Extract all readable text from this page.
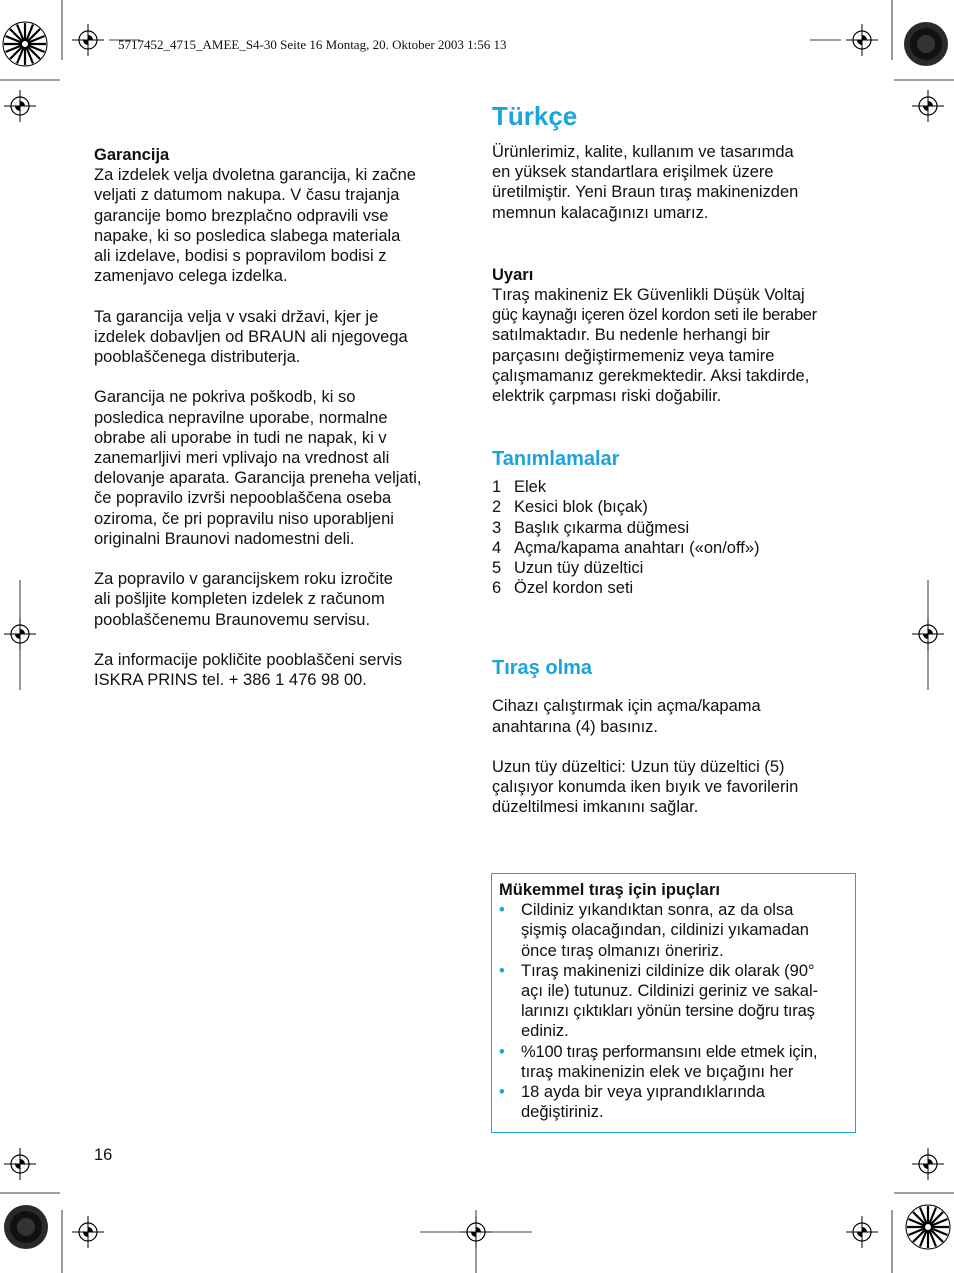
5717452_4715_AMEE_S4-30 Seite 16 Montag, 20. Oktober 2003 1:56 13

Garancija

Za izdelek velja dvoletna garancija, ki začne

veljati z datumom nakupa. V času trajanja

garancije bomo brezplačno odpravili vse

napake, ki so posledica slabega materiala

ali izdelave, bodisi s popravilom bodisi z

zamenjavo celega izdelka.

Ta garancija velja v vsaki državi, kjer je

izdelek dobavljen od BRAUN ali njegovega

pooblaščenega distributerja.

Garancija ne pokriva poškodb, ki so

posledica nepravilne uporabe, normalne

obrabe ali uporabe in tudi ne napak, ki v

zanemarljivi meri vplivajo na vrednost ali

delovanje aparata. Garancija preneha veljati,

če popravilo izvrši nepooblaščena oseba

oziroma, če pri popravilu niso uporabljeni

originalni Braunovi nadomestni deli.

Za popravilo v garancijskem roku izročite

ali pošljite kompleten izdelek z računom

pooblaščenemu Braunovemu servisu.

Za informacije pokličite pooblaščeni servis

ISKRA PRINS tel. + 386 1 476 98 00.

Türkçe

Ürünlerimiz, kalite, kullanım ve tasarımda

en yüksek standartlara erişilmek üzere

üretilmiştir. Yeni Braun tıraş makinenizden

memnun kalacağınızı umarız.

Uyarı

Tıraş makineniz Ek Güvenlikli Düşük Voltaj

güç kaynağı içeren özel kordon seti ile beraber

satılmaktadır. Bu nedenle herhangi bir

parçasını değiştirmemeniz veya tamire

çalışmamanız gerekmektedir. Aksi takdirde,

elektrik çarpması riski doğabilir.

Tanımlamalar
1 Elek
2 Kesici blok (bıçak)
3 Başlık çıkarma düğmesi
4 Açma/kapama anahtarı («on/off»)
5 Uzun tüy düzeltici
6 Özel kordon seti
Tıraş olma

Cihazı çalıştırmak için açma/kapama

anahtarına (4) basınız.

Uzun tüy düzeltici: Uzun tüy düzeltici (5)

çalışıyor konumda iken bıyık ve favorilerin

düzeltilmesi imkanını sağlar.

Mükemmel tıraş için ipuçları

• Cildiniz yıkandıktan sonra, az da olsa
şişmiş olacağından, cildinizi yıkamadan
önce tıraş olmanızı öneririz.
• Tıraş makinenizi cildinize dik olarak (90°
açı ile) tutunuz. Cildinizi geriniz ve sakal-
larınızı çıktıkları yönün tersine doğru tıraş
ediniz.
• %100 tıraş performansını elde etmek için,
tıraş makinenizin elek ve bıçağını her
• 18 ayda bir veya yıprandıklarında
değiştiriniz.
16
